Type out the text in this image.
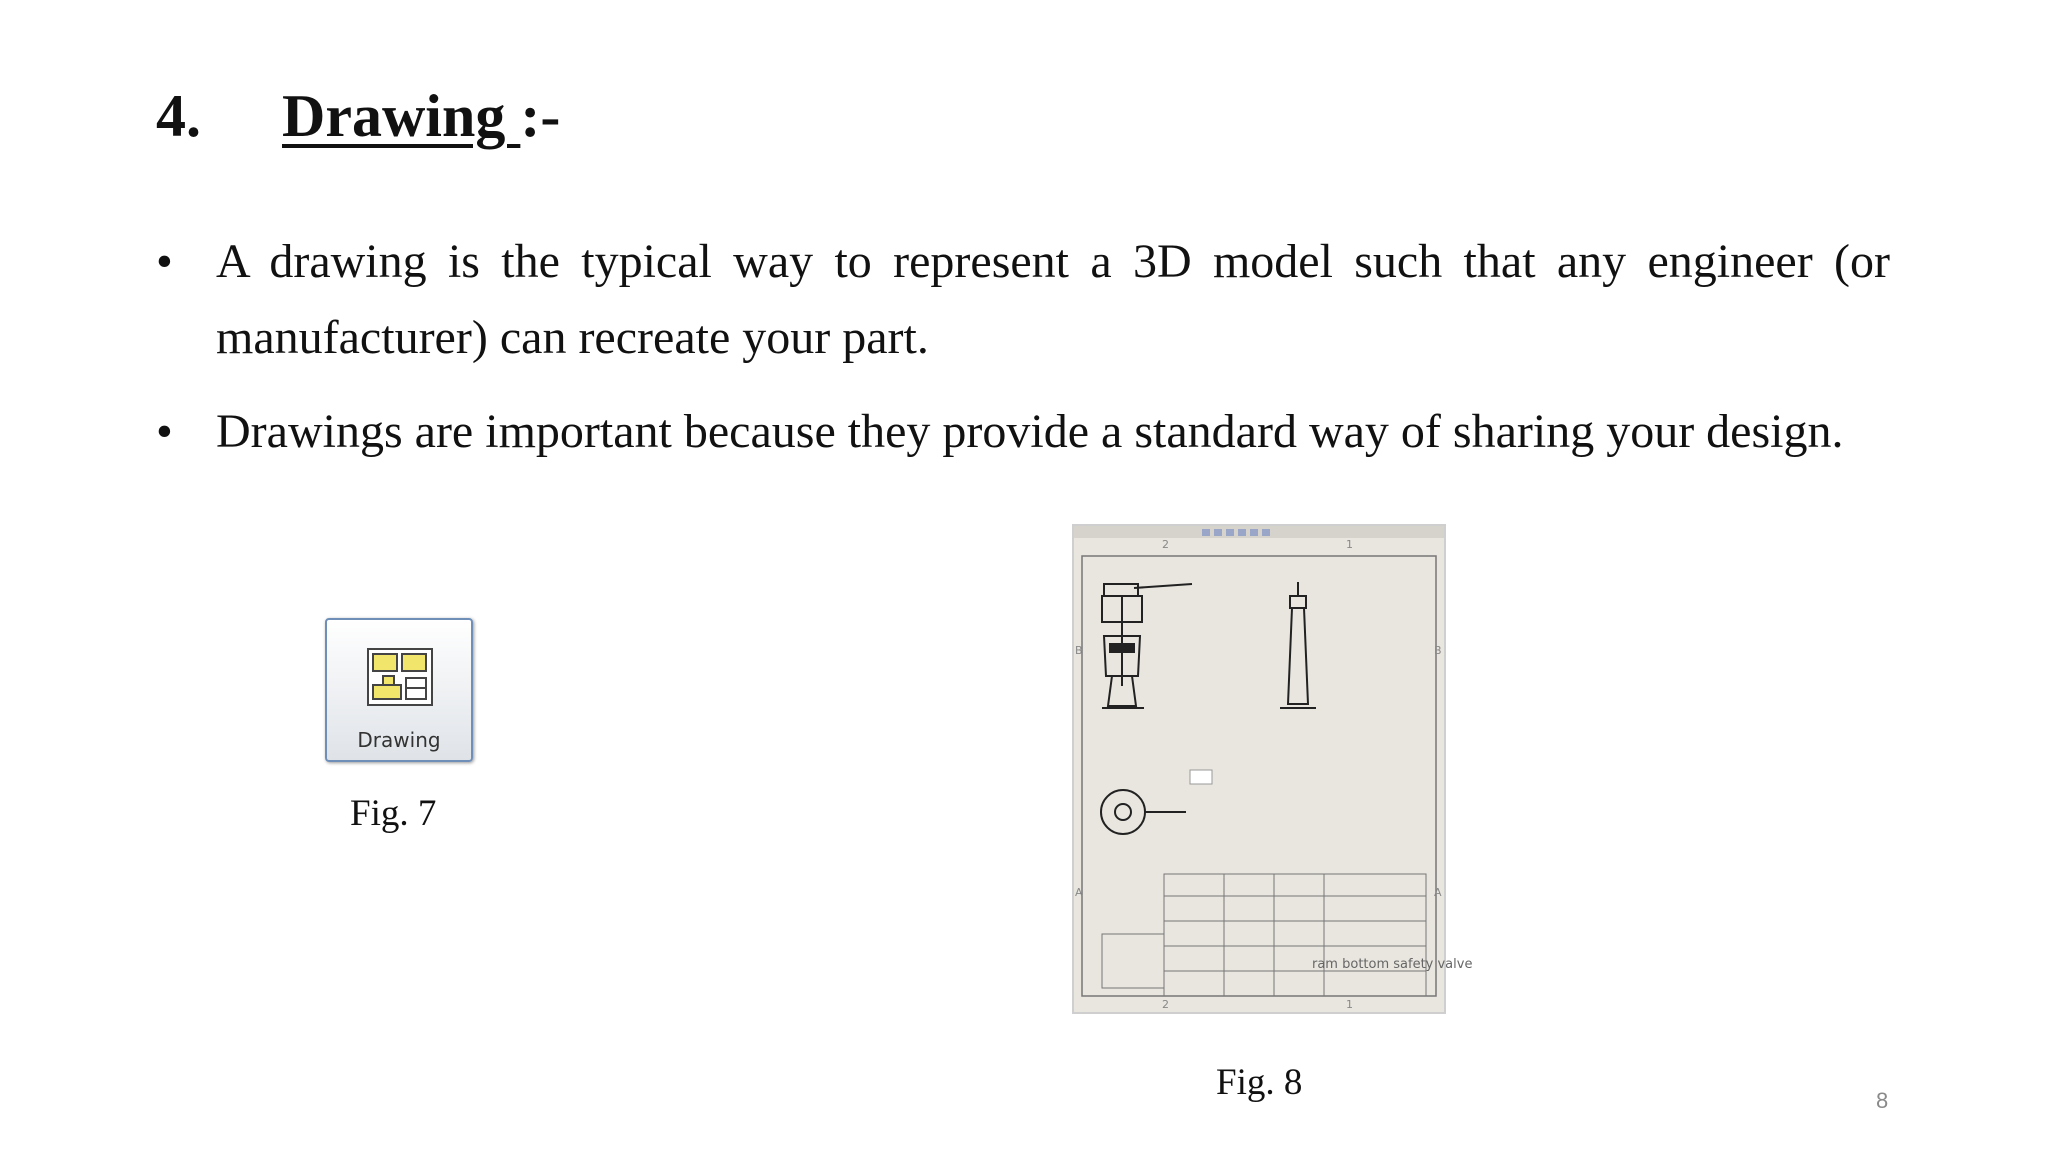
4. Drawing :-
• A drawing is the typical way to represent a 3D model such that any engineer (or manufacturer) can recreate your part.
• Drawings are important because they provide a standard way of sharing your design.
Drawing
Fig. 7
2	1
2	1
B	B
A	A
ram bottom safety valve
Fig. 8	8
